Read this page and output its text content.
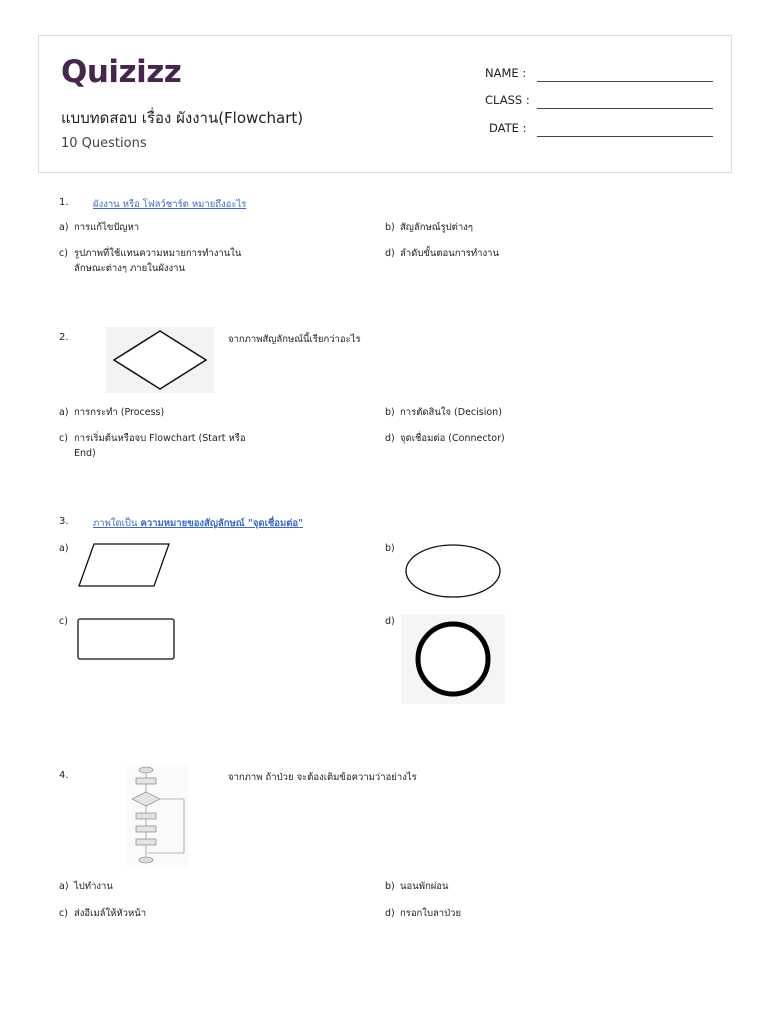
Quizizz
แบบทดสอบ เรื่อง ผังงาน(Flowchart)
10 Questions
NAME :
CLASS :
DATE :
1.	ผังงาน หรือ โฟลว์ชาร์ต หมายถึงอะไร
a) การแก้ไขปัญหา	b) สัญลักษณ์รูปต่างๆ
c) รูปภาพที่ใช้แทนความหมายการทำงานในลักษณะต่างๆ ภายในผังงาน
d) ลำดับขั้นตอนการทำงาน
2.	จากภาพสัญลักษณ์นี้เรียกว่าอะไร
a) การกระทำ (Process)	b) การตัดสินใจ (Decision)
c) การเริ่มต้นหรือจบ Flowchart (Start หรือ End)
d) จุดเชื่อมต่อ (Connector)
3.	ภาพใดเป็น ความหมายของสัญลักษณ์ "จุดเชื่อมต่อ"
a)	b)
c)	d)
4.	จากภาพ ถ้าป่วย จะต้องเติมข้อความว่าอย่างไร
a) ไปทำงาน	b) นอนพักผ่อน
c) ส่งอีเมล์ให้หัวหน้า	d) กรอกใบลาป่วย
